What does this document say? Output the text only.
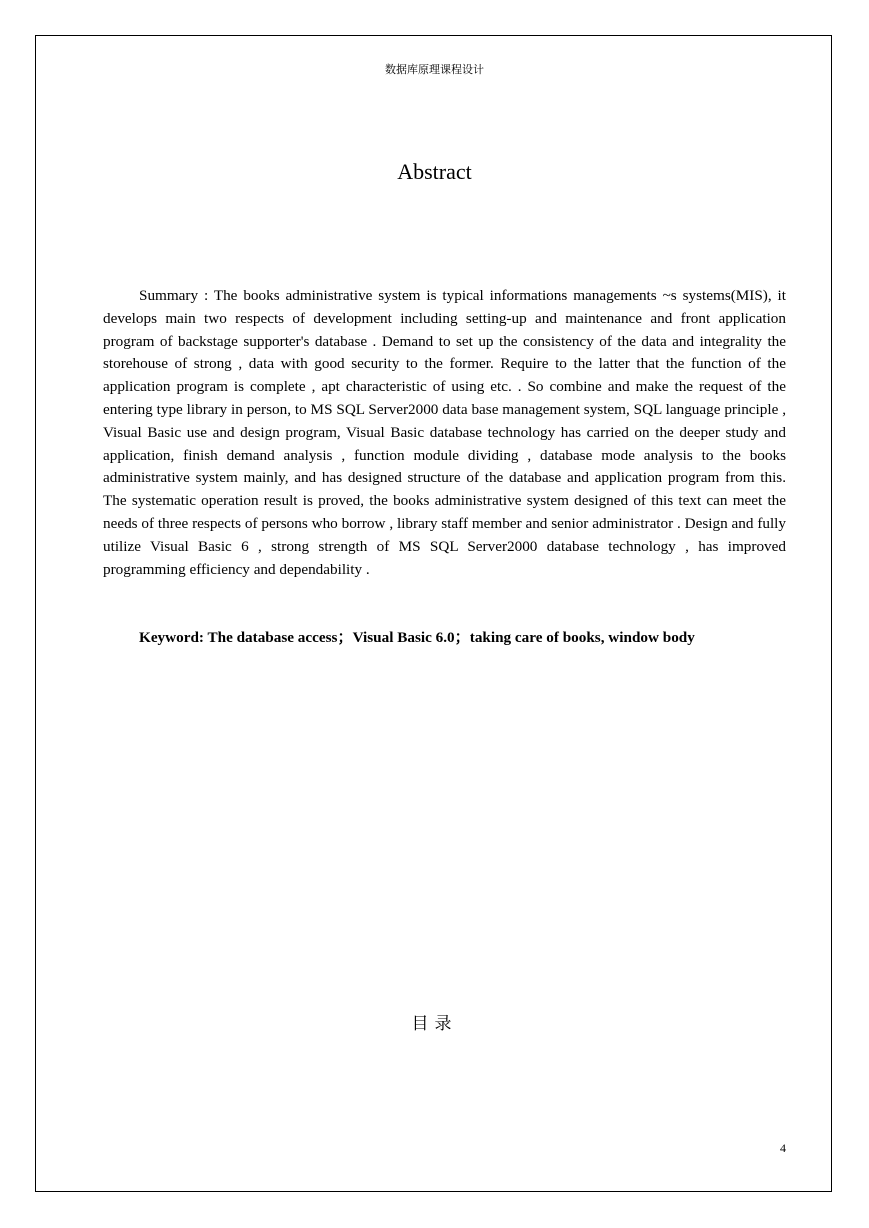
数据库原理课程设计
Abstract

Summary : The books administrative system is typical informations managements ~s systems(MIS), it develops main two respects of development including setting-up and maintenance and front application program of backstage supporter's database . Demand to set up the consistency of the data and integrality the storehouse of strong , data with good security to the former. Require to the latter that the function of the application program is complete , apt characteristic of using etc. . So combine and make the request of the entering type library in person, to MS SQL Server2000 data base management system, SQL language principle , Visual Basic use and design program, Visual Basic database technology has carried on the deeper study and application, finish demand analysis , function module dividing , database mode analysis to the books administrative system mainly, and has designed structure of the database and application program from this. The systematic operation result is proved, the books administrative system designed of this text can meet the needs of three respects of persons who borrow , library staff member and senior administrator . Design and fully utilize Visual Basic 6 , strong strength of MS SQL Server2000 database technology , has improved programming efficiency and dependability .

Keyword: The database access；Visual Basic 6.0；taking care of books, window body

目录
4
